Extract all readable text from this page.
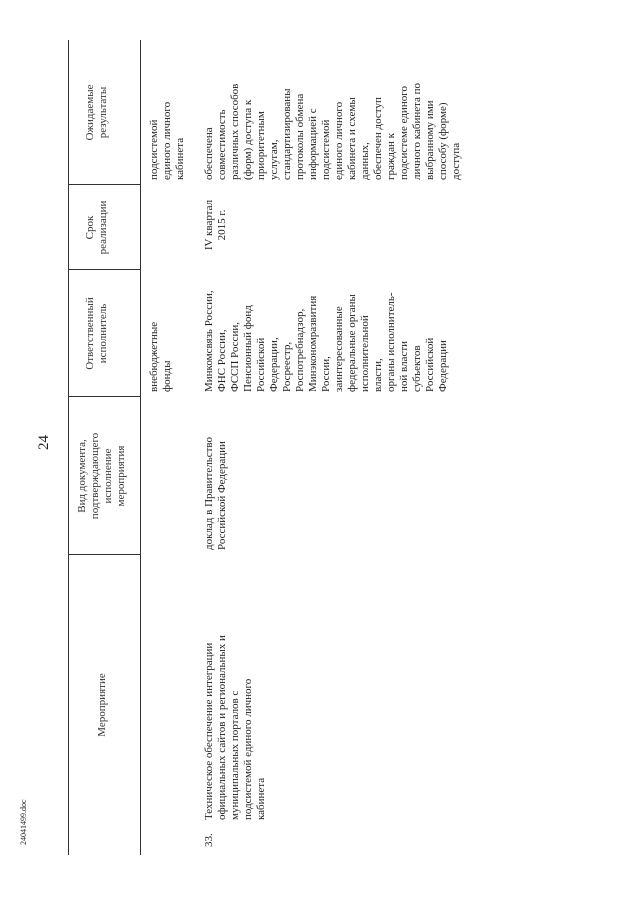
24
24041499.doc
Мероприятие
Вид документа, подтверждающего исполнение мероприятия
Ответственный исполнитель
Срок реализации
Ожидаемые результаты
внебюджетные фонды
подсистемой единого личного кабинета
33.
Техническое обеспечение интеграции официальных сайтов и региональных и муниципальных порталов с подсистемой единого личного кабинета
доклад в Правительство Российской Федерации
Минкомсвязь России, ФНС России, ФССП России, Пенсионный фонд Российской Федерации, Росреестр, Роспотребнадзор, Минэкономразвития России, заинтересованные федеральные органы исполнительной власти, органы исполнитель- ной власти субъектов Российской Федерации
IV квартал 2015 г.
обеспечена совместимость различных способов (форм) доступа к приоритетным услугам, стандартизированы протоколы обмена информацией с подсистемой единого личного кабинета и схемы данных, обеспечен доступ граждан к подсистеме единого личного кабинета по выбранному ими способу (форме) доступа
